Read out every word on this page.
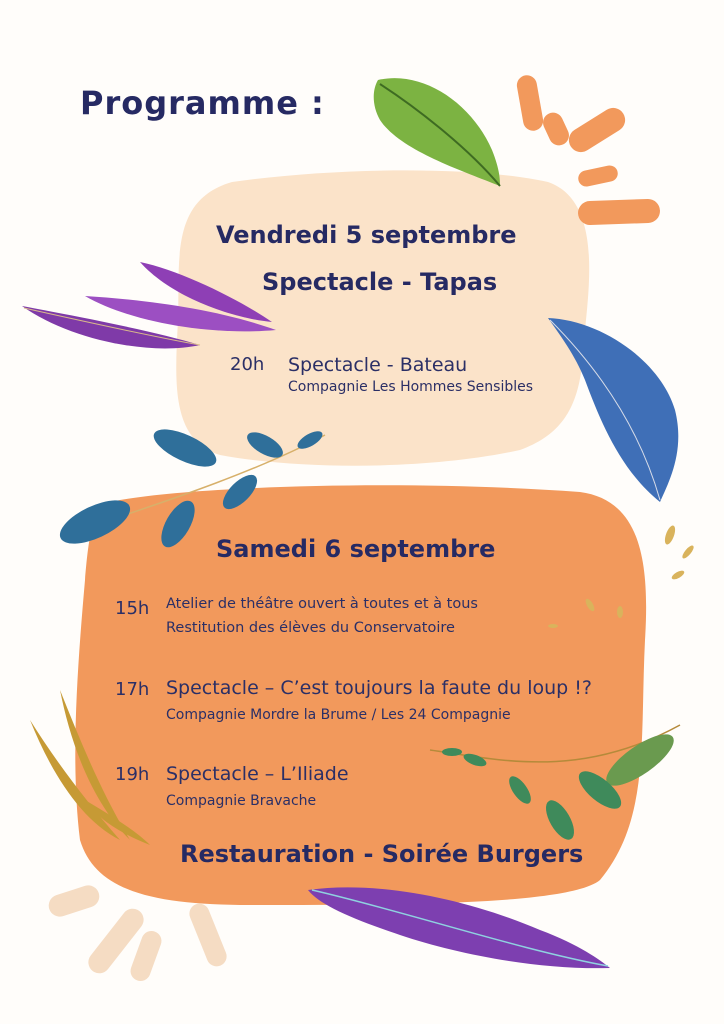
Programme :
Vendredi 5 septembre
Spectacle - Tapas
20h Spectacle - Bateau
Compagnie Les Hommes Sensibles
Samedi 6 septembre
15h Atelier de théâtre ouvert à toutes et à tous
Restitution des élèves du Conservatoire
17h Spectacle – C’est toujours la faute du loup !?
Compagnie Mordre la Brume / Les 24 Compagnie
19h Spectacle – L’Iliade
Compagnie Bravache
Restauration - Soirée Burgers
